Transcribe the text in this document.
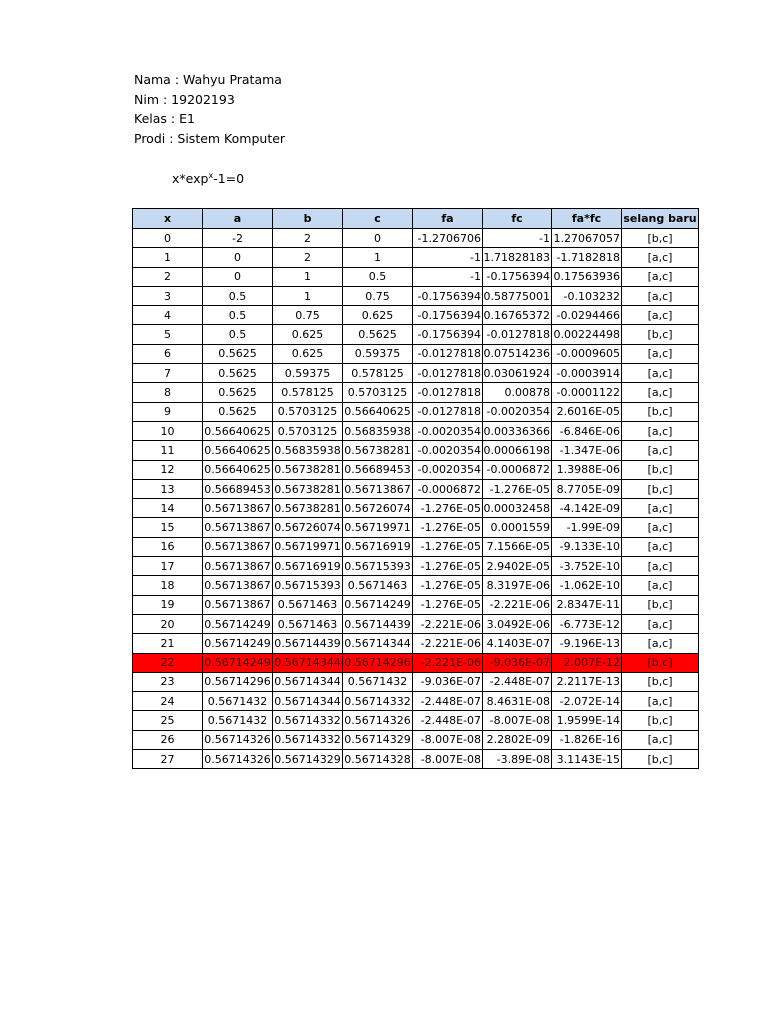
Nama : Wahyu Pratama
Nim : 19202193
Kelas : E1
Prodi : Sistem Komputer
$x*\exp^x-1=0$
x	a	b	c	fa	fc	fa*fc	selang baru
0	-2	2	0	-1.2706706	-1	1.27067057	[b,c]
1	0	2	1	-1	1.71828183	-1.7182818	[a,c]
2	0	1	0.5	-1	-0.1756394	0.17563936	[a,c]
3	0.5	1	0.75	-0.1756394	0.58775001	-0.103232	[a,c]
4	0.5	0.75	0.625	-0.1756394	0.16765372	-0.0294466	[a,c]
5	0.5	0.625	0.5625	-0.1756394	-0.0127818	0.00224498	[b,c]
6	0.5625	0.625	0.59375	-0.0127818	0.07514236	-0.0009605	[a,c]
7	0.5625	0.59375	0.578125	-0.0127818	0.03061924	-0.0003914	[a,c]
8	0.5625	0.578125	0.5703125	-0.0127818	0.00878	-0.0001122	[a,c]
9	0.5625	0.5703125	0.56640625	-0.0127818	-0.0020354	2.6016E-05	[b,c]
10	0.56640625	0.5703125	0.56835938	-0.0020354	0.00336366	-6.846E-06	[a,c]
11	0.56640625	0.56835938	0.56738281	-0.0020354	0.00066198	-1.347E-06	[a,c]
12	0.56640625	0.56738281	0.56689453	-0.0020354	-0.0006872	1.3988E-06	[b,c]
13	0.56689453	0.56738281	0.56713867	-0.0006872	-1.276E-05	8.7705E-09	[b,c]
14	0.56713867	0.56738281	0.56726074	-1.276E-05	0.00032458	-4.142E-09	[a,c]
15	0.56713867	0.56726074	0.56719971	-1.276E-05	0.0001559	-1.99E-09	[a,c]
16	0.56713867	0.56719971	0.56716919	-1.276E-05	7.1566E-05	-9.133E-10	[a,c]
17	0.56713867	0.56716919	0.56715393	-1.276E-05	2.9402E-05	-3.752E-10	[a,c]
18	0.56713867	0.56715393	0.5671463	-1.276E-05	8.3197E-06	-1.062E-10	[a,c]
19	0.56713867	0.5671463	0.56714249	-1.276E-05	-2.221E-06	2.8347E-11	[b,c]
20	0.56714249	0.5671463	0.56714439	-2.221E-06	3.0492E-06	-6.773E-12	[a,c]
21	0.56714249	0.56714439	0.56714344	-2.221E-06	4.1403E-07	-9.196E-13	[a,c]
22	0.56714249	0.56714344	0.56714296	-2.221E-06	-9.036E-07	2.007E-12	[b,c]
23	0.56714296	0.56714344	0.5671432	-9.036E-07	-2.448E-07	2.2117E-13	[b,c]
24	0.5671432	0.56714344	0.56714332	-2.448E-07	8.4631E-08	-2.072E-14	[a,c]
25	0.5671432	0.56714332	0.56714326	-2.448E-07	-8.007E-08	1.9599E-14	[b,c]
26	0.56714326	0.56714332	0.56714329	-8.007E-08	2.2802E-09	-1.826E-16	[a,c]
27	0.56714326	0.56714329	0.56714328	-8.007E-08	-3.89E-08	3.1143E-15	[b,c]
